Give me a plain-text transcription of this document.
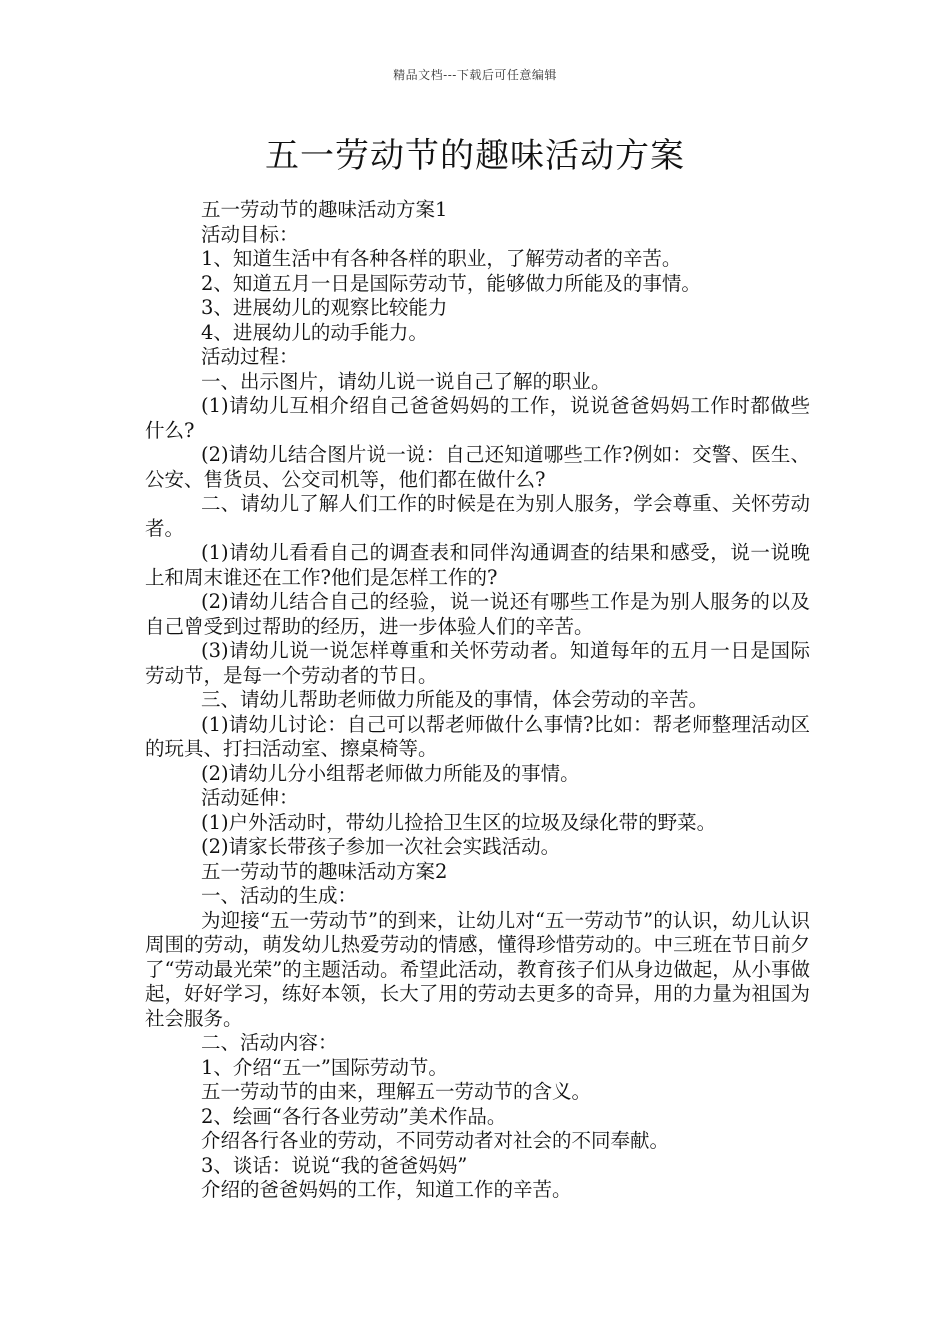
精品文档---下载后可任意编辑
五一劳动节的趣味活动方案

五一劳动节的趣味活动方案1

活动目标：

1、知道生活中有各种各样的职业，了解劳动者的辛苦。

2、知道五月一日是国际劳动节，能够做力所能及的事情。

3、进展幼儿的观察比较能力

4、进展幼儿的动手能力。

活动过程：

一、出示图片，请幼儿说一说自己了解的职业。

(1)请幼儿互相介绍自己爸爸妈妈的工作，说说爸爸妈妈工作时都做些什么?

(2)请幼儿结合图片说一说：自己还知道哪些工作?例如：交警、医生、公安、售货员、公交司机等，他们都在做什么?

二、请幼儿了解人们工作的时候是在为别人服务，学会尊重、关怀劳动者。

(1)请幼儿看看自己的调查表和同伴沟通调查的结果和感受，说一说晚上和周末谁还在工作?他们是怎样工作的?

(2)请幼儿结合自己的经验，说一说还有哪些工作是为别人服务的以及自己曾受到过帮助的经历，进一步体验人们的辛苦。

(3)请幼儿说一说怎样尊重和关怀劳动者。知道每年的五月一日是国际劳动节，是每一个劳动者的节日。

三、请幼儿帮助老师做力所能及的事情，体会劳动的辛苦。

(1)请幼儿讨论：自己可以帮老师做什么事情?比如：帮老师整理活动区的玩具、打扫活动室、擦桌椅等。

(2)请幼儿分小组帮老师做力所能及的事情。

活动延伸：

(1)户外活动时，带幼儿捡拾卫生区的垃圾及绿化带的野菜。

(2)请家长带孩子参加一次社会实践活动。

五一劳动节的趣味活动方案2

一、活动的生成：

为迎接“五一劳动节”的到来，让幼儿对“五一劳动节”的认识，幼儿认识周围的劳动，萌发幼儿热爱劳动的情感，懂得珍惜劳动的。中三班在节日前夕了“劳动最光荣”的主题活动。希望此活动，教育孩子们从身边做起，从小事做起，好好学习，练好本领，长大了用的劳动去更多的奇异，用的力量为祖国为社会服务。

二、活动内容：

1、介绍“五一”国际劳动节。

五一劳动节的由来，理解五一劳动节的含义。

2、绘画“各行各业劳动”美术作品。

介绍各行各业的劳动，不同劳动者对社会的不同奉献。

3、谈话：说说“我的爸爸妈妈”

介绍的爸爸妈妈的工作，知道工作的辛苦。
